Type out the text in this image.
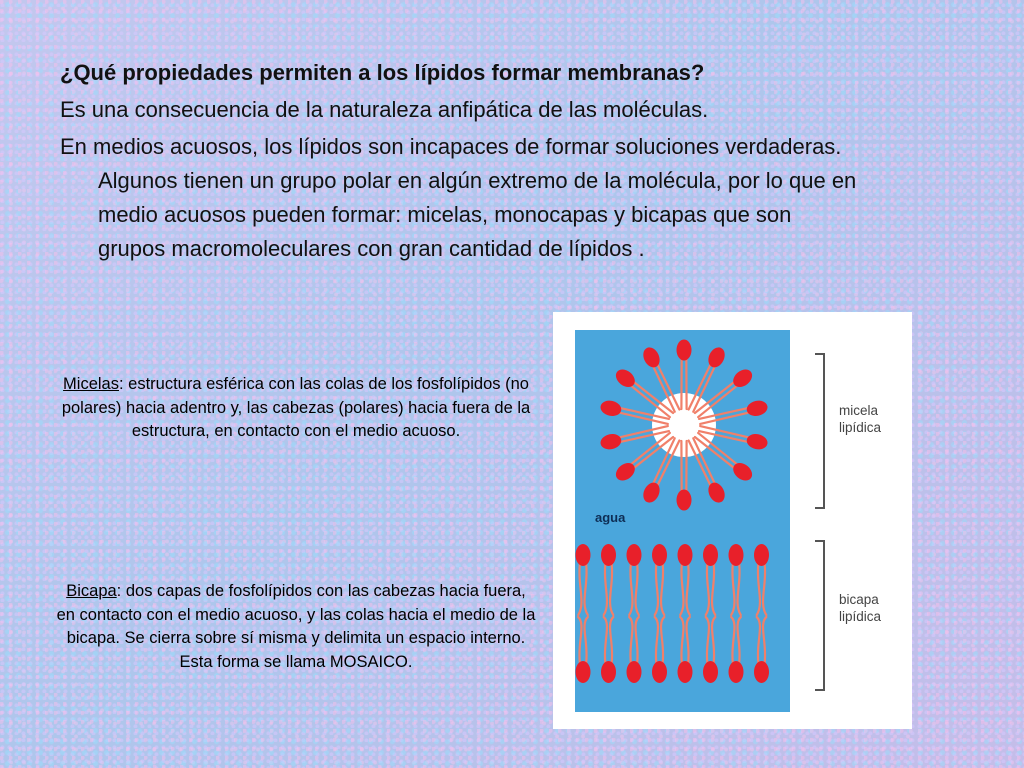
¿Qué propiedades permiten a los lípidos formar membranas?

Es una consecuencia de la naturaleza anfipática de las moléculas.

En medios acuosos, los lípidos son incapaces de formar soluciones verdaderas. Algunos tienen un grupo polar en algún extremo de la molécula, por lo que en medio acuosos pueden formar: micelas, monocapas y bicapas que son grupos macromoleculares con gran cantidad de lípidos .

Micelas: estructura esférica con las colas de los fosfolípidos (no polares) hacia adentro y, las cabezas (polares) hacia fuera de la estructura, en contacto con el medio acuoso.
Bicapa: dos capas de fosfolípidos con las cabezas hacia fuera, en contacto con el medio acuoso, y las colas hacia el medio de la bicapa. Se cierra sobre sí misma y delimita un espacio interno.
Esta forma se llama MOSAICO.
agua
micela
lipídica
bicapa
lipídica
